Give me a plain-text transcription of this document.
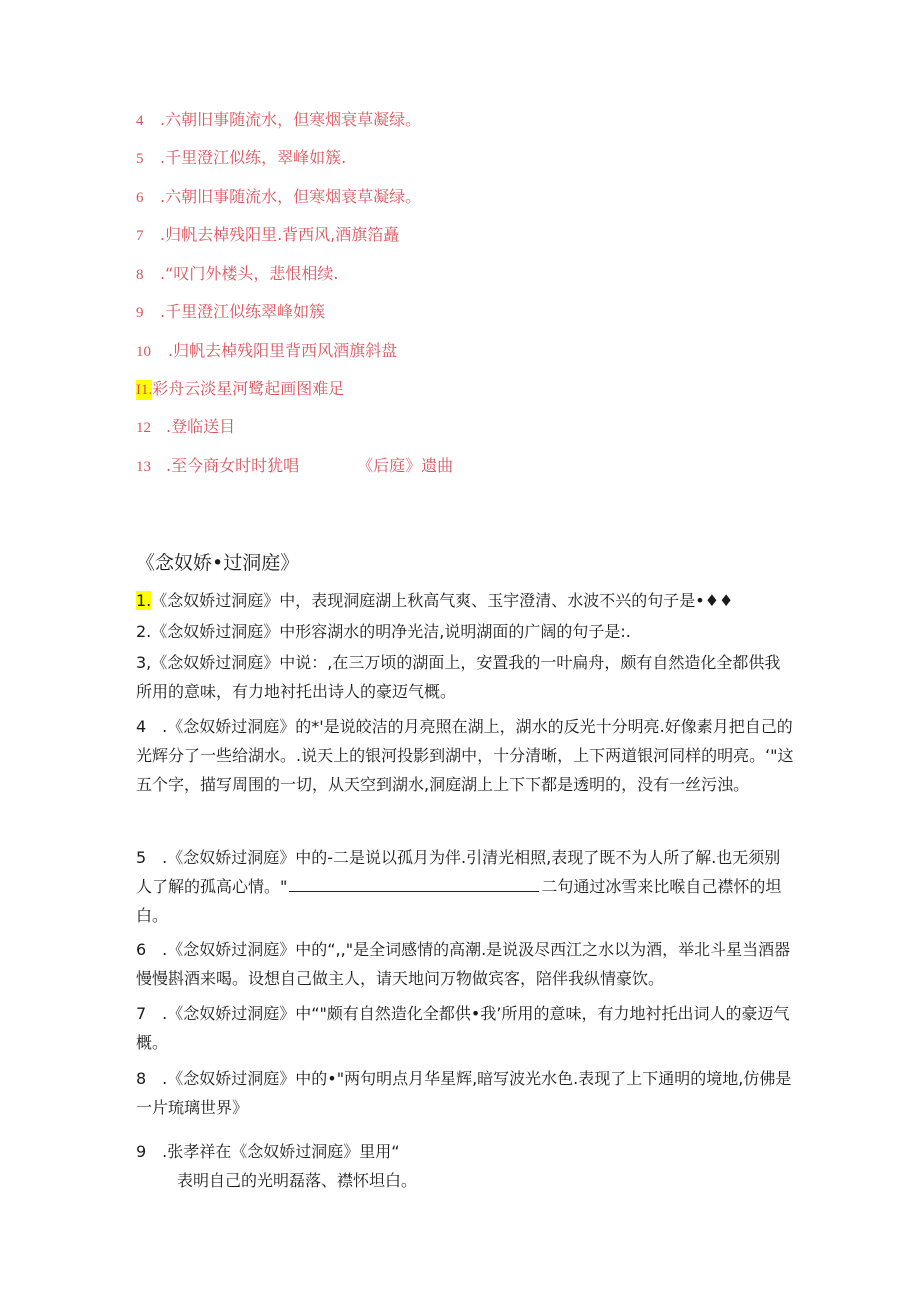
4 .六朝旧事随流水，但寒烟衰草凝绿。
5 .千里澄江似练，翠峰如簇.
6 .六朝旧事随流水，但寒烟衰草凝绿。
7 .归帆去棹残阳里.背西风,酒旗箔矗
8 .“叹门外楼头，悲恨相续.
9 .千里澄江似练翠峰如簇
10 .归帆去棹残阳里背西风酒旗斜盘
I1.彩舟云淡星河鹭起画图难足
12 .登临送目
13 .至今商女时时犹唱	《后庭》遗曲
《念奴娇•过洞庭》

1.《念奴娇过洞庭》中，表现洞庭湖上秋高气爽、玉宇澄清、水波不兴的句子是•♦♦

2.《念奴娇过洞庭》中形容湖水的明净光洁,说明湖面的广阔的句子是:.

3,《念奴娇过洞庭》中说：,在三万顷的湖面上，安置我的一叶扁舟，颇有自然造化全都供我所用的意味，有力地衬托出诗人的豪迈气概。

4　.《念奴娇过洞庭》的*'是说皎洁的月亮照在湖上，湖水的反光十分明亮.好像素月把自己的光辉分了一些给湖水。.说天上的银河投影到湖中，十分清晰，上下两道银河同样的明亮。ʻ"这五个字，描写周围的一切，从天空到湖水,洞庭湖上上下下都是透明的，没有一丝污浊。

5　.《念奴娇过洞庭》中的-二是说以孤月为伴.引清光相照,表现了既不为人所了解.也无须别人了解的孤高心情。"	二句通过冰雪来比喉自己襟怀的坦白。

6　.《念奴娇过洞庭》中的“,,"是全词感情的高潮.是说汲尽西江之水以为酒，举北斗星当酒器慢慢斟酒来喝。设想自己做主人，请天地问万物做宾客，陪伴我纵情豪饮。

7　.《念奴娇过洞庭》中“"颇有自然造化全都供•我’所用的意味，有力地衬托出词人的豪迈气概。

8　.《念奴娇过洞庭》中的•"两句明点月华星辉,暗写波光水色.表现了上下通明的境地,仿佛是一片琉璃世界》

9　.张孝祥在《念奴娇过洞庭》里用“

表明自己的光明磊落、襟怀坦白。
